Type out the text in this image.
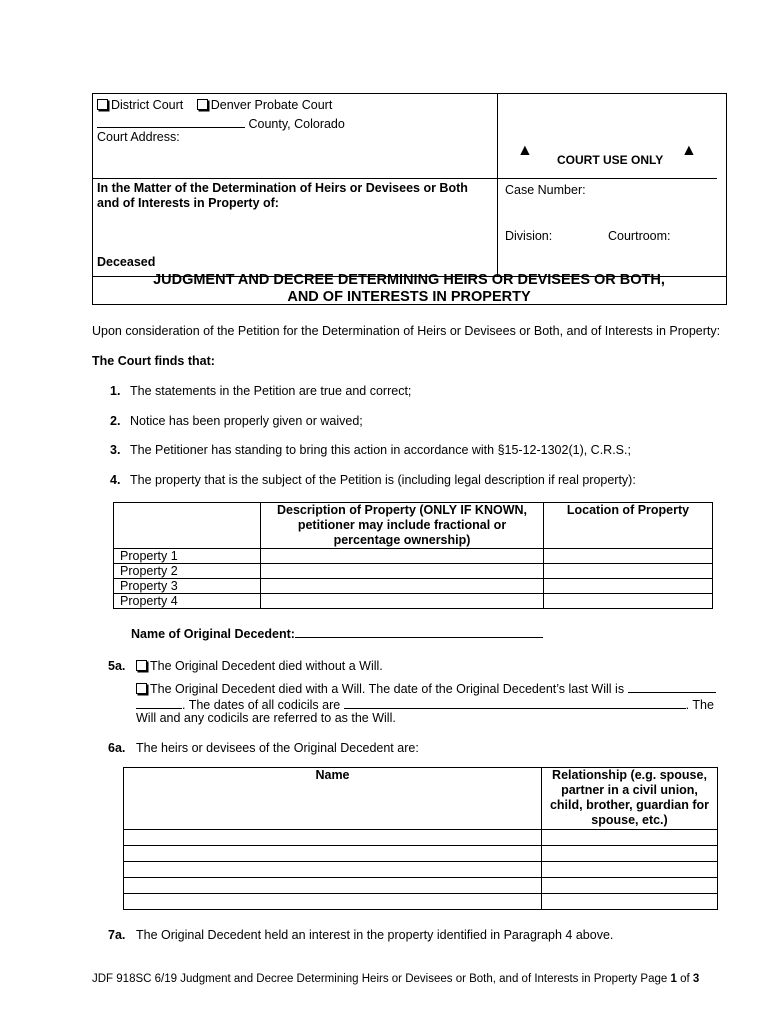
District Court Denver Probate Court
County, Colorado
Court Address:
▲
COURT USE ONLY
▲
In the Matter of the Determination of Heirs or Devisees or Both and of Interests in Property of:
Deceased
Case Number:
Division:	Courtroom:
JUDGMENT AND DECREE DETERMINING HEIRS OR DEVISEES OR BOTH,
AND OF INTERESTS IN PROPERTY
Upon consideration of the Petition for the Determination of Heirs or Devisees or Both, and of Interests in Property:
The Court finds that:
1. The statements in the Petition are true and correct;
2. Notice has been properly given or waived;
3. The Petitioner has standing to bring this action in accordance with §15-12-1302(1), C.R.S.;
4. The property that is the subject of the Petition is (including legal description if real property):
	Description of Property (ONLY IF KNOWN, petitioner may include fractional or percentage ownership)	Location of Property
Property 1		
Property 2		
Property 3		
Property 4		
Name of Original Decedent:
5a. The Original Decedent died without a Will.
The Original Decedent died with a Will. The date of the Original Decedent’s last Will is
. The dates of all codicils are	. The
Will and any codicils are referred to as the Will.
6a. The heirs or devisees of the Original Decedent are:
Name	Relationship (e.g. spouse, partner in a civil union, child, brother, guardian for spouse, etc.)

7a. The Original Decedent held an interest in the property identified in Paragraph 4 above.
JDF 918SC 6/19 Judgment and Decree Determining Heirs or Devisees or Both, and of Interests in Property Page 1 of 3
